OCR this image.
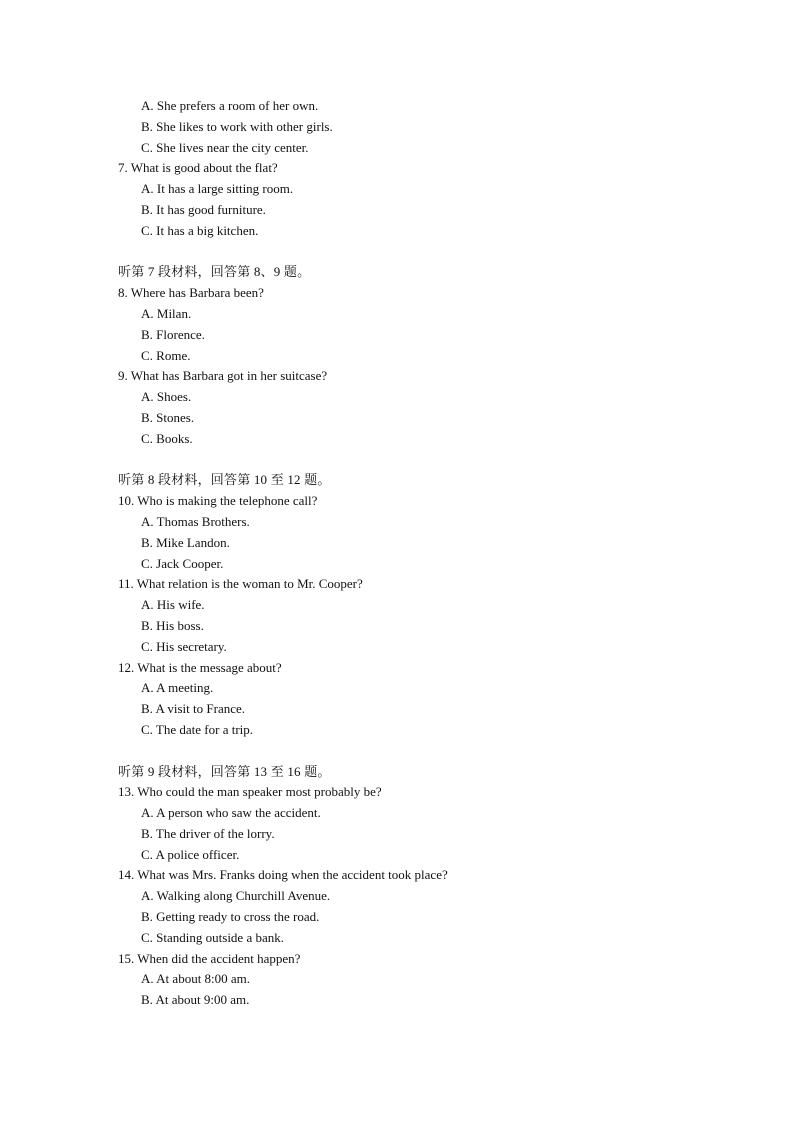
A. She prefers a room of her own.
B. She likes to work with other girls.
C. She lives near the city center.
7. What is good about the flat?
A. It has a large sitting room.
B. It has good furniture.
C. It has a big kitchen.
听第 7 段材料，回答第 8、9 题。
8. Where has Barbara been?
A. Milan.
B. Florence.
C. Rome.
9. What has Barbara got in her suitcase?
A. Shoes.
B. Stones.
C. Books.
听第 8 段材料，回答第 10 至 12 题。
10. Who is making the telephone call?
A. Thomas Brothers.
B. Mike Landon.
C. Jack Cooper.
11. What relation is the woman to Mr. Cooper?
A. His wife.
B. His boss.
C. His secretary.
12. What is the message about?
A. A meeting.
B. A visit to France.
C. The date for a trip.
听第 9 段材料，回答第 13 至 16 题。
13. Who could the man speaker most probably be?
A. A person who saw the accident.
B. The driver of the lorry.
C. A police officer.
14. What was Mrs. Franks doing when the accident took place?
A. Walking along Churchill Avenue.
B. Getting ready to cross the road.
C. Standing outside a bank.
15. When did the accident happen?
A. At about 8:00 am.
B. At about 9:00 am.
